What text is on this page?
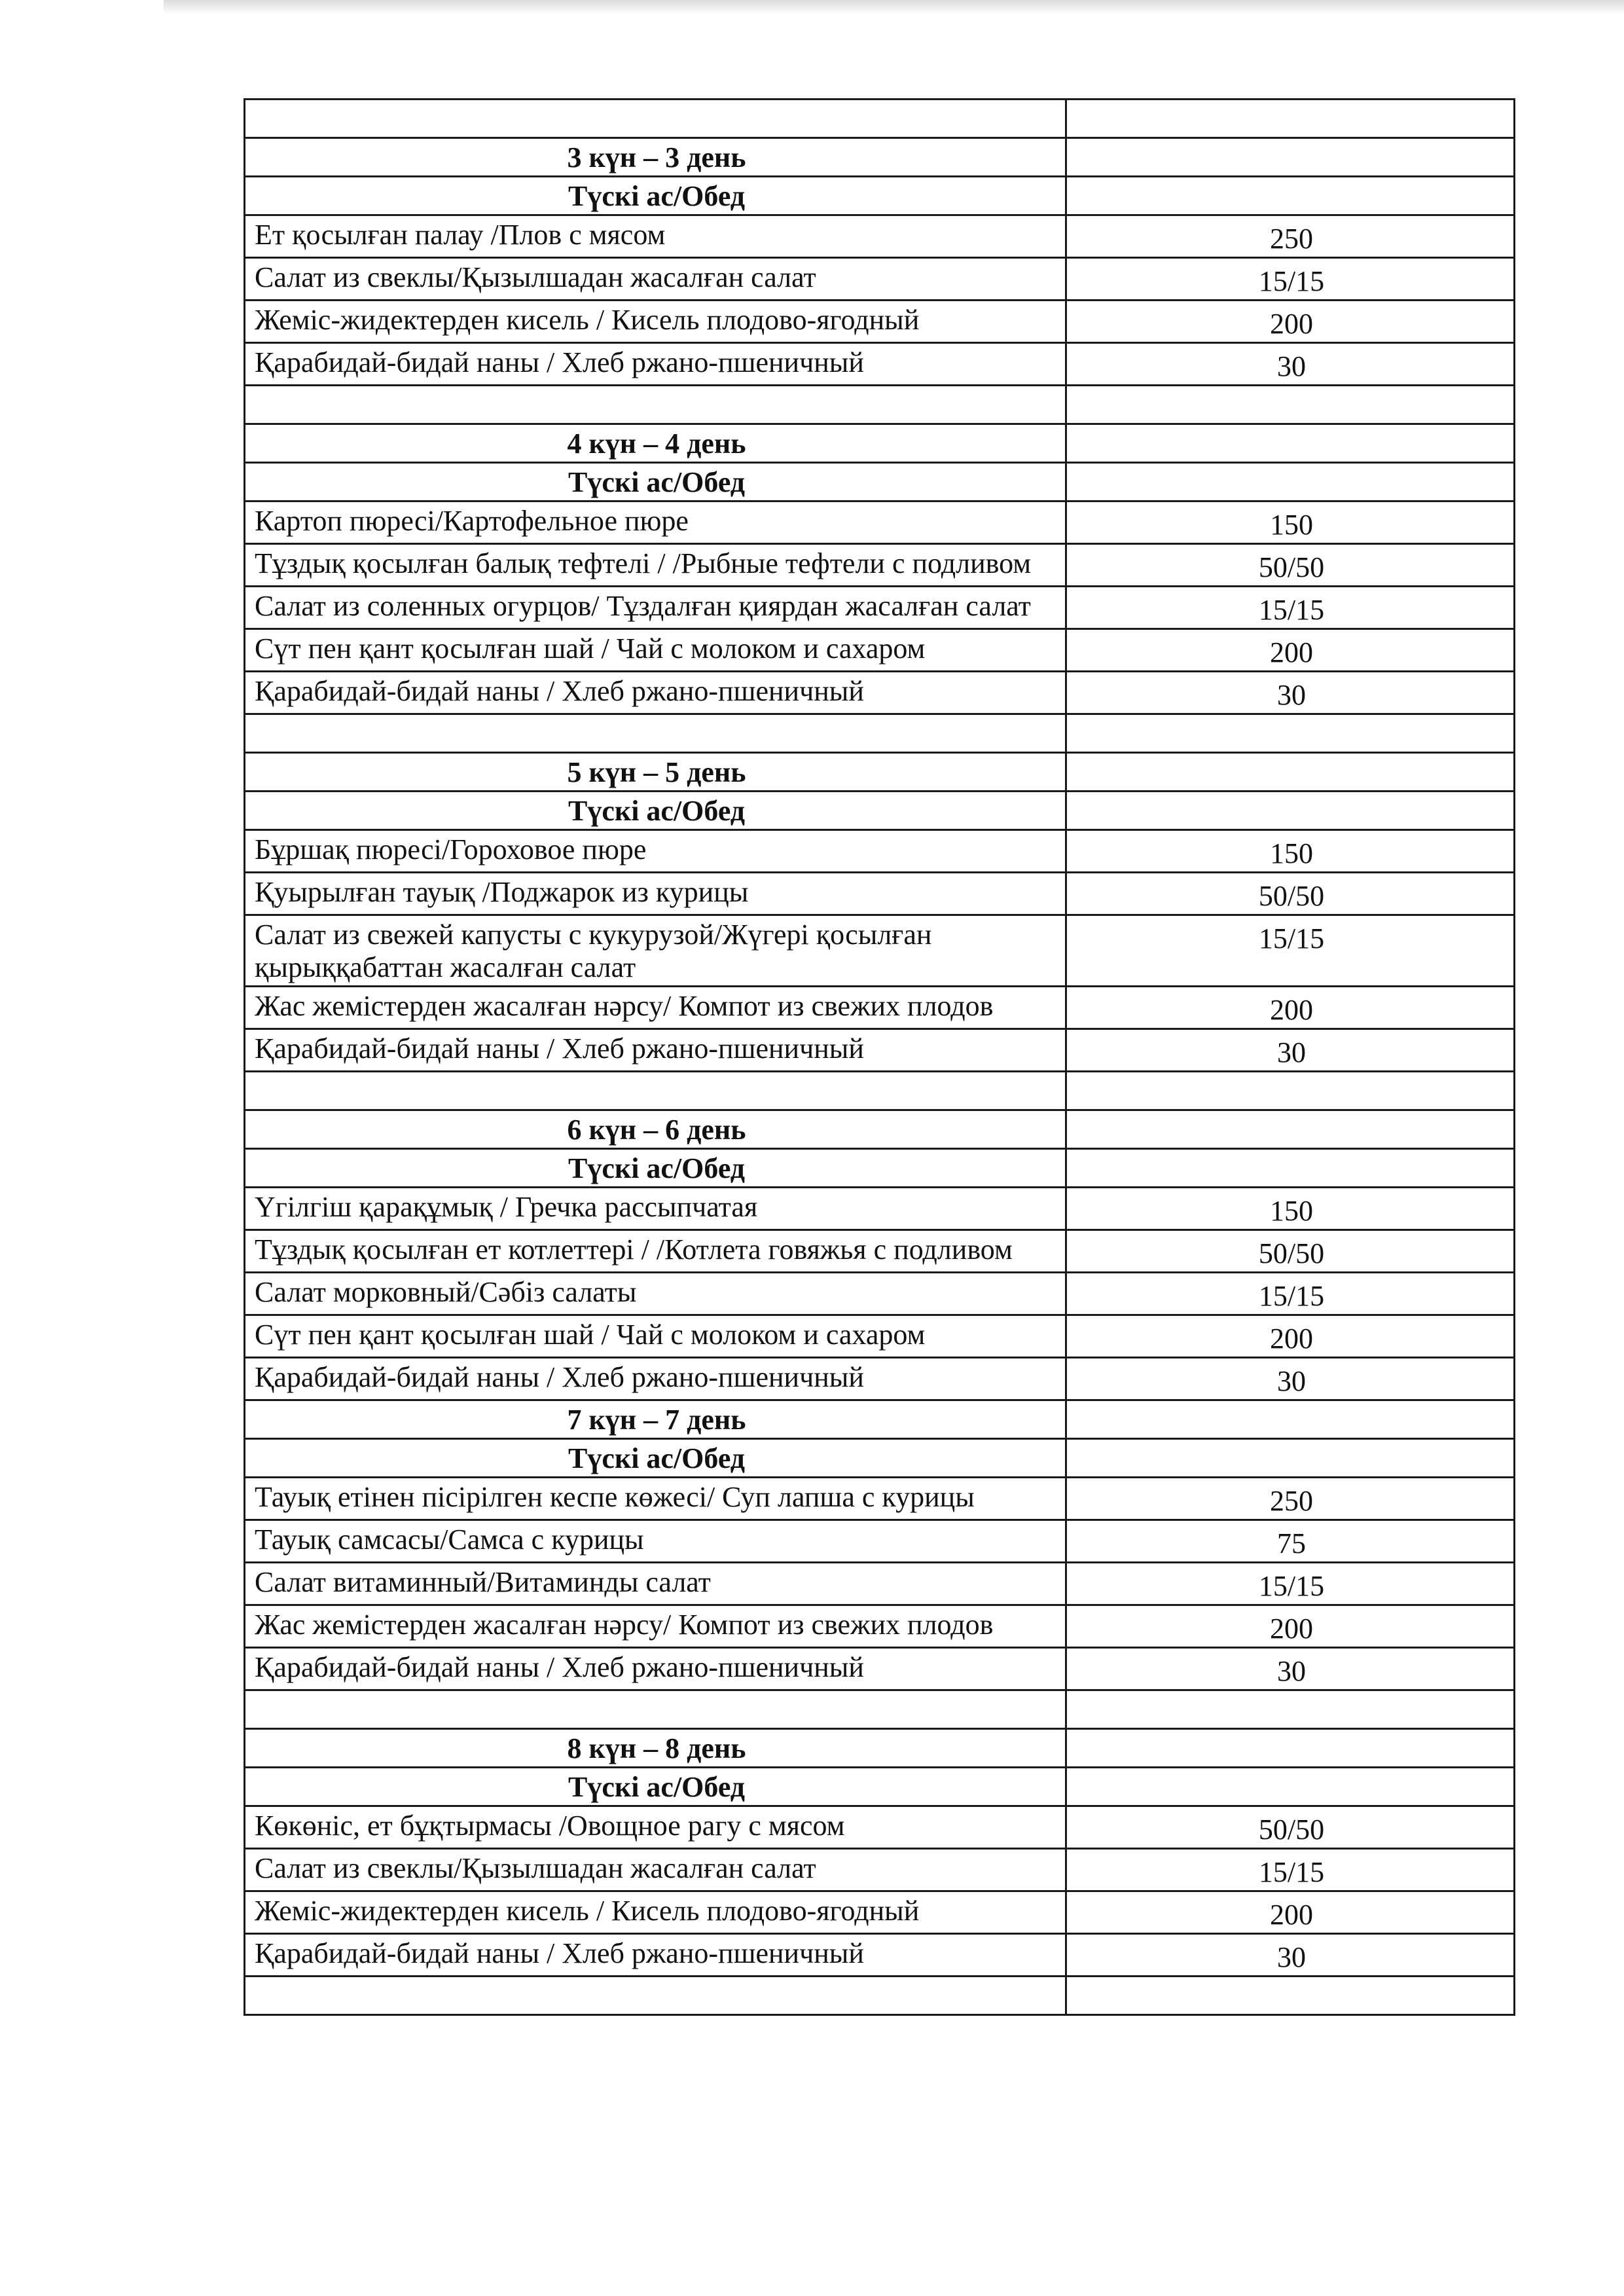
3 күн – 3 день	
Түскі ас/Обед	
Ет қосылған палау /Плов с мясом	250
Салат из свеклы/Қызылшадан жасалған салат	15/15
Жеміс-жидектерден кисель / Кисель плодово-ягодный	200
Қарабидай-бидай наны / Хлеб ржано-пшеничный	30

4 күн – 4 день	
Түскі ас/Обед	
Картоп пюресі/Картофельное пюре	150
Тұздық қосылған балық тефтелі / /Рыбные тефтели с подливом	50/50
Салат из соленных огурцов/ Тұздалған қиярдан жасалған салат	15/15
Сүт пен қант қосылған шай / Чай с молоком и сахаром	200
Қарабидай-бидай наны / Хлеб ржано-пшеничный	30

5 күн – 5 день	
Түскі ас/Обед	
Бұршақ пюресі/Гороховое пюре	150
Қуырылған тауық /Поджарок из курицы	50/50
Салат из свежей капусты с кукурузой/Жүгері қосылған қырыққабаттан жасалған салат	15/15
Жас жемістерден жасалған нәрсу/ Компот из свежих плодов	200
Қарабидай-бидай наны / Хлеб ржано-пшеничный	30

6 күн – 6 день	
Түскі ас/Обед	
Үгілгіш қарақұмық / Гречка рассыпчатая	150
Тұздық қосылған ет котлеттері / /Котлета говяжья с подливом	50/50
Салат морковный/Сәбіз салаты	15/15
Сүт пен қант қосылған шай / Чай с молоком и сахаром	200
Қарабидай-бидай наны / Хлеб ржано-пшеничный	30
7 күн – 7 день	
Түскі ас/Обед	
Тауық етінен пісірілген кеспе көжесі/ Суп лапша с курицы	250
Тауық самсасы/Самса с курицы	75
Салат витаминный/Витаминды салат	15/15
Жас жемістерден жасалған нәрсу/ Компот из свежих плодов	200
Қарабидай-бидай наны / Хлеб ржано-пшеничный	30

8 күн – 8 день	
Түскі ас/Обед	
Көкөніс, ет бұқтырмасы /Овощное рагу с мясом	50/50
Салат из свеклы/Қызылшадан жасалған салат	15/15
Жеміс-жидектерден кисель / Кисель плодово-ягодный	200
Қарабидай-бидай наны / Хлеб ржано-пшеничный	30
